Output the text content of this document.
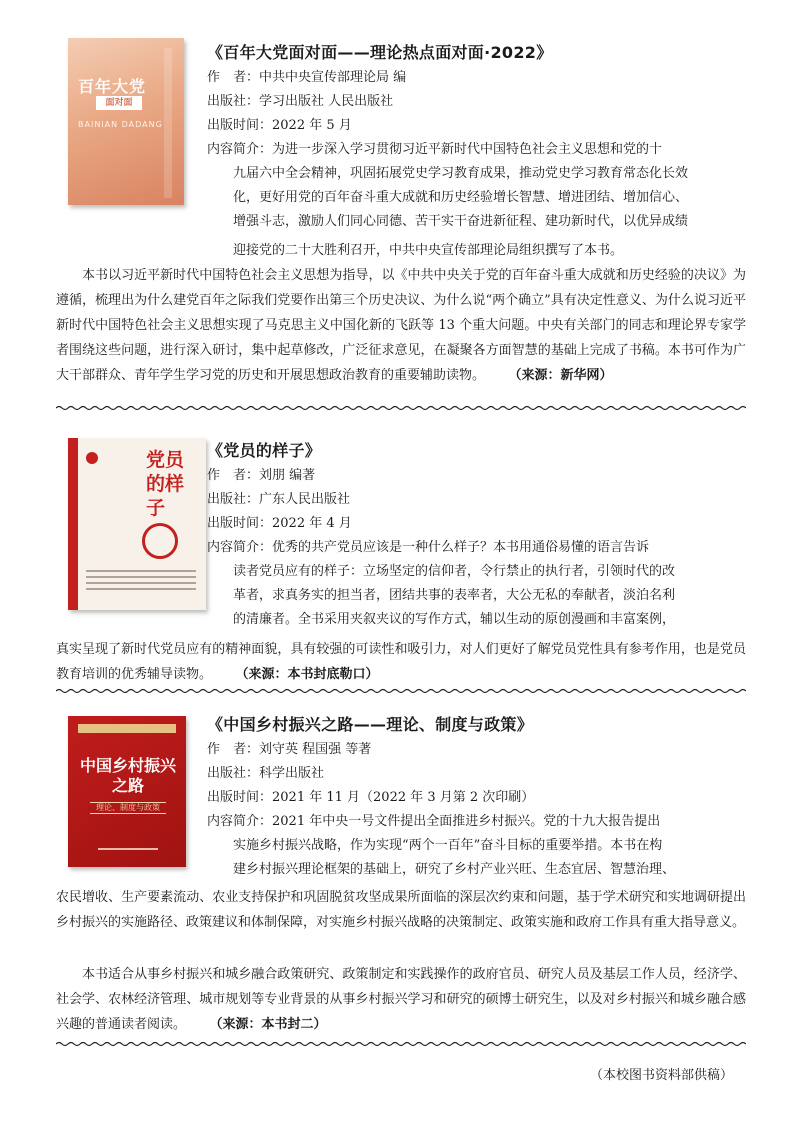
百年大党
面对面
BAINIAN DADANG
《百年大党面对面——理论热点面对面·2022》
作　者：中共中央宣传部理论局 编
出版社：学习出版社 人民出版社
出版时间：2022 年 5 月
内容简介：为进一步深入学习贯彻习近平新时代中国特色社会主义思想和党的十
九届六中全会精神，巩固拓展党史学习教育成果，推动党史学习教育常态化长效
化，更好用党的百年奋斗重大成就和历史经验增长智慧、增进团结、增加信心、
增强斗志，激励人们同心同德、苦干实干奋进新征程、建功新时代，以优异成绩
迎接党的二十大胜利召开，中共中央宣传部理论局组织撰写了本书。
本书以习近平新时代中国特色社会主义思想为指导，以《中共中央关于党的百年奋斗重大成就和历史经验的决议》为遵循，梳理出为什么建党百年之际我们党要作出第三个历史决议、为什么说“两个确立”具有决定性意义、为什么说习近平新时代中国特色社会主义思想实现了马克思主义中国化新的飞跃等 13 个重大问题。中央有关部门的同志和理论界专家学者围绕这些问题，进行深入研讨，集中起草修改，广泛征求意见，在凝聚各方面智慧的基础上完成了书稿。本书可作为广大干部群众、青年学生学习党的历史和开展思想政治教育的重要辅助读物。 （来源：新华网）
党员的样子
《党员的样子》
作　者：刘朋 编著
出版社：广东人民出版社
出版时间：2022 年 4 月
内容简介：优秀的共产党员应该是一种什么样子？本书用通俗易懂的语言告诉
读者党员应有的样子：立场坚定的信仰者，令行禁止的执行者，引领时代的改
革者，求真务实的担当者，团结共事的表率者，大公无私的奉献者，淡泊名利
的清廉者。全书采用夹叙夹议的写作方式，辅以生动的原创漫画和丰富案例，
真实呈现了新时代党员应有的精神面貌，具有较强的可读性和吸引力，对人们更好了解党员党性具有参考作用，也是党员教育培训的优秀辅导读物。 （来源：本书封底勒口）
中国乡村振兴之路
理论、制度与政策
《中国乡村振兴之路——理论、制度与政策》
作　者：刘守英 程国强 等著
出版社：科学出版社
出版时间：2021 年 11 月（2022 年 3 月第 2 次印刷）
内容简介：2021 年中央一号文件提出全面推进乡村振兴。党的十九大报告提出
实施乡村振兴战略，作为实现“两个一百年”奋斗目标的重要举措。本书在构
建乡村振兴理论框架的基础上，研究了乡村产业兴旺、生态宜居、智慧治理、
农民增收、生产要素流动、农业支持保护和巩固脱贫攻坚成果所面临的深层次约束和问题，基于学术研究和实地调研提出乡村振兴的实施路径、政策建议和体制保障，对实施乡村振兴战略的决策制定、政策实施和政府工作具有重大指导意义。
本书适合从事乡村振兴和城乡融合政策研究、政策制定和实践操作的政府官员、研究人员及基层工作人员，经济学、社会学、农林经济管理、城市规划等专业背景的从事乡村振兴学习和研究的硕博士研究生，以及对乡村振兴和城乡融合感兴趣的普通读者阅读。 （来源：本书封二）
（本校图书资料部供稿）
